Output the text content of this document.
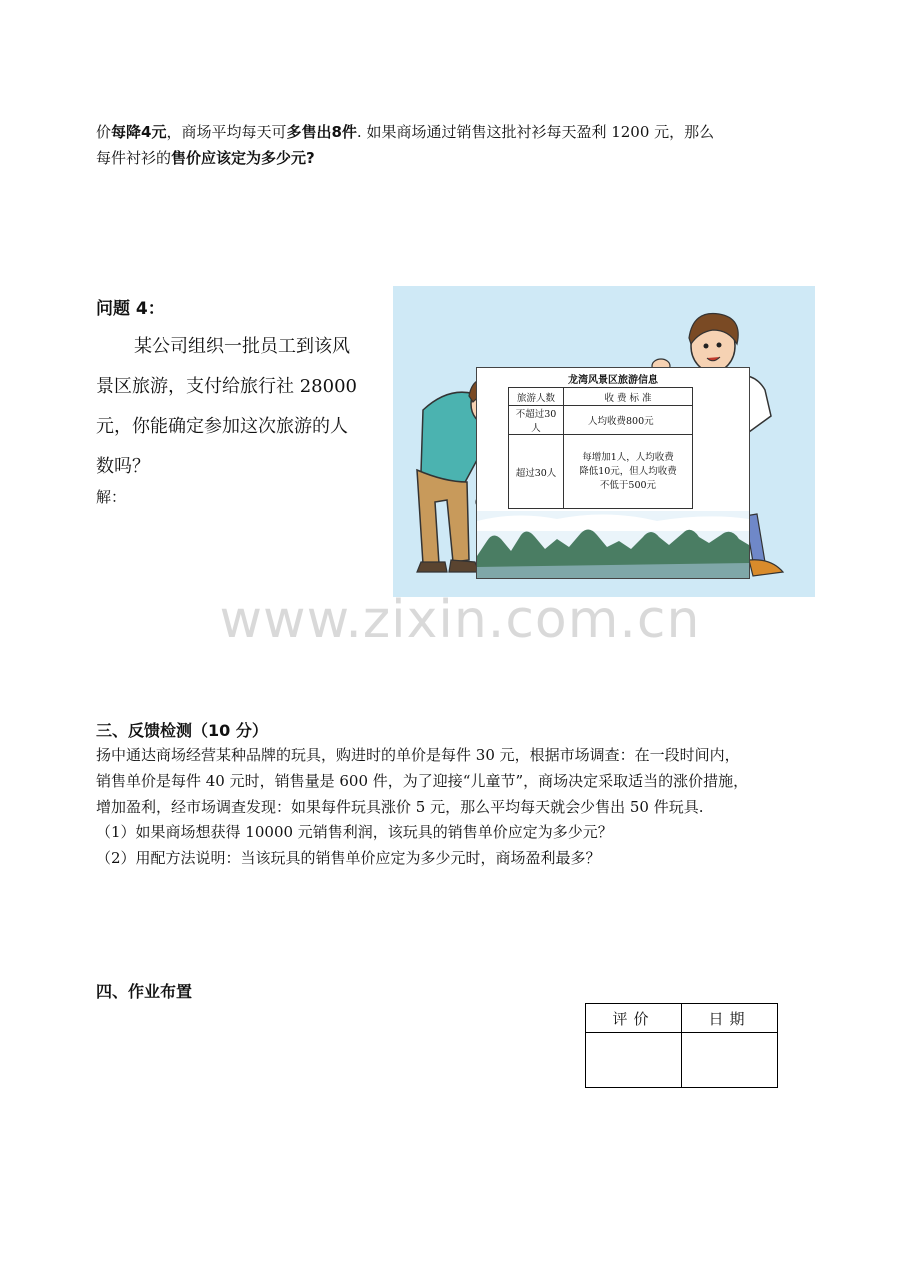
价每降4元，商场平均每天可多售出8件. 如果商场通过销售这批衬衫每天盈利 1200 元，那么
每件衬衫的售价应该定为多少元?
问题 4：
某公司组织一批员工到该风
景区旅游，支付给旅行社 28000
元，你能确定参加这次旅游的人
数吗？
解：
龙湾风景区旅游信息
旅游人数	收 费 标 准
不超过30人	人均收费800元
超过30人	每增加1人，人均收费降低10元，但人均收费不低于500元
www.zixin.com.cn
三、反馈检测（10 分）
扬中通达商场经营某种品牌的玩具，购进时的单价是每件 30 元，根据市场调查：在一段时间内，
销售单价是每件 40 元时，销售量是 600 件，为了迎接“儿童节”，商场决定采取适当的涨价措施，
增加盈利，经市场调查发现：如果每件玩具涨价 5 元，那么平均每天就会少售出 50 件玩具.
（1）如果商场想获得 10000 元销售利润，该玩具的销售单价应定为多少元？
（2）用配方法说明：当该玩具的销售单价应定为多少元时，商场盈利最多？
四、作业布置
评价	日期
